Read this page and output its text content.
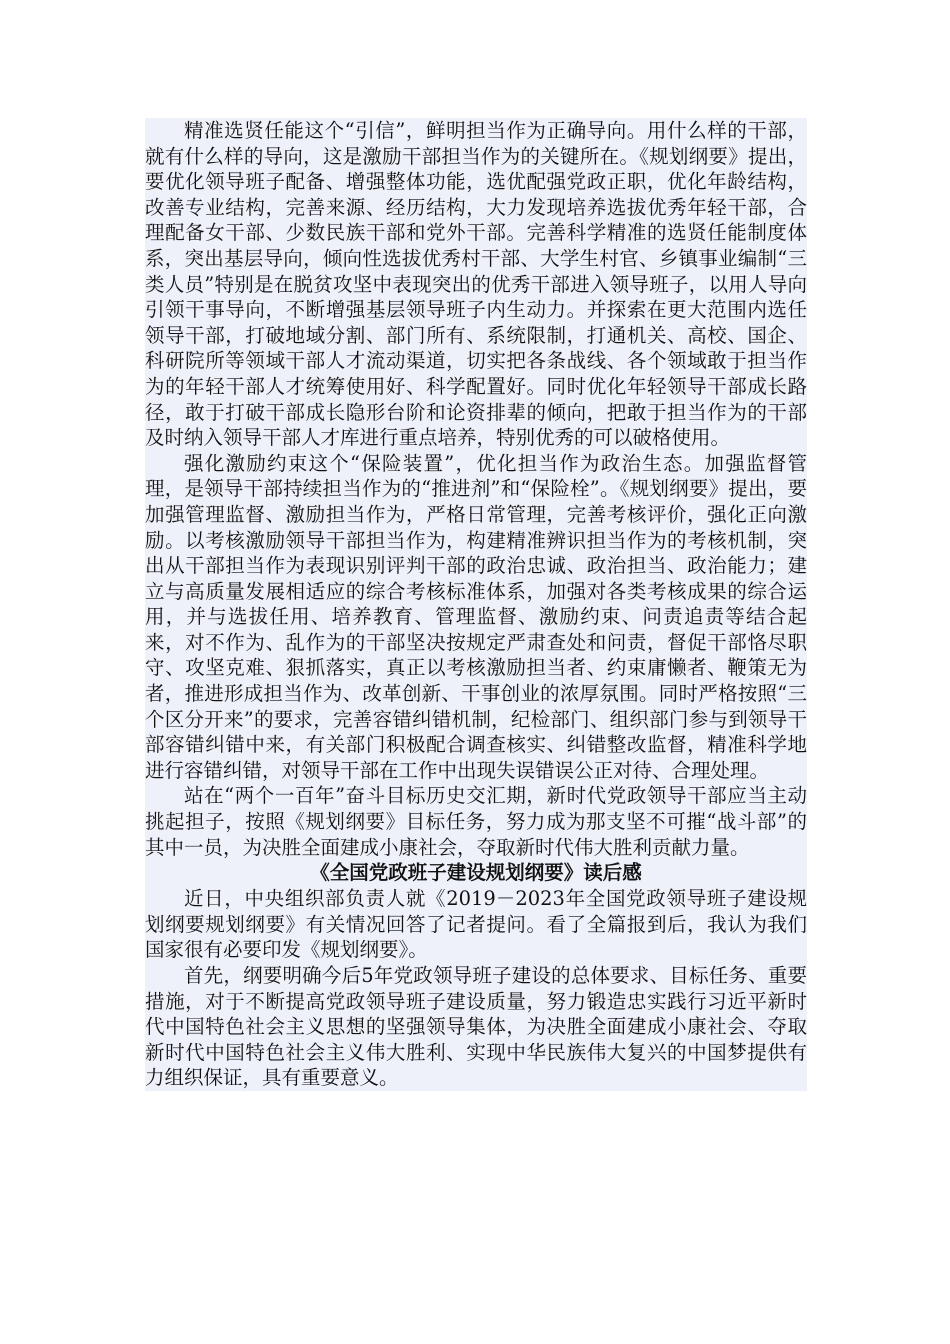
精准选贤任能这个“引信”，鲜明担当作为正确导向。用什么样的干部，就有什么样的导向，这是激励干部担当作为的关键所在。《规划纲要》提出，要优化领导班子配备、增强整体功能，选优配强党政正职，优化年龄结构，改善专业结构，完善来源、经历结构，大力发现培养选拔优秀年轻干部，合理配备女干部、少数民族干部和党外干部。完善科学精准的选贤任能制度体系，突出基层导向，倾向性选拔优秀村干部、大学生村官、乡镇事业编制“三类人员”特别是在脱贫攻坚中表现突出的优秀干部进入领导班子，以用人导向引领干事导向，不断增强基层领导班子内生动力。并探索在更大范围内选任领导干部，打破地域分割、部门所有、系统限制，打通机关、高校、国企、科研院所等领域干部人才流动渠道，切实把各条战线、各个领域敢于担当作为的年轻干部人才统筹使用好、科学配置好。同时优化年轻领导干部成长路径，敢于打破干部成长隐形台阶和论资排辈的倾向，把敢于担当作为的干部及时纳入领导干部人才库进行重点培养，特别优秀的可以破格使用。

强化激励约束这个“保险装置”，优化担当作为政治生态。加强监督管理，是领导干部持续担当作为的“推进剂”和“保险栓”。《规划纲要》提出，要加强管理监督、激励担当作为，严格日常管理，完善考核评价，强化正向激励。以考核激励领导干部担当作为，构建精准辨识担当作为的考核机制，突出从干部担当作为表现识别评判干部的政治忠诚、政治担当、政治能力；建立与高质量发展相适应的综合考核标准体系，加强对各类考核成果的综合运用，并与选拔任用、培养教育、管理监督、激励约束、问责追责等结合起来，对不作为、乱作为的干部坚决按规定严肃查处和问责，督促干部恪尽职守、攻坚克难、狠抓落实，真正以考核激励担当者、约束庸懒者、鞭策无为者，推进形成担当作为、改革创新、干事创业的浓厚氛围。同时严格按照“三个区分开来”的要求，完善容错纠错机制，纪检部门、组织部门参与到领导干部容错纠错中来，有关部门积极配合调查核实、纠错整改监督，精准科学地进行容错纠错，对领导干部在工作中出现失误错误公正对待、合理处理。

站在“两个一百年”奋斗目标历史交汇期，新时代党政领导干部应当主动挑起担子，按照《规划纲要》目标任务，努力成为那支坚不可摧“战斗部”的其中一员，为决胜全面建成小康社会，夺取新时代伟大胜利贡献力量。

《全国党政班子建设规划纲要》读后感

近日，中央组织部负责人就《2019－2023年全国党政领导班子建设规划纲要规划纲要》有关情况回答了记者提问。看了全篇报到后，我认为我们国家很有必要印发《规划纲要》。

首先，纲要明确今后5年党政领导班子建设的总体要求、目标任务、重要措施，对于不断提高党政领导班子建设质量，努力锻造忠实践行习近平新时代中国特色社会主义思想的坚强领导集体，为决胜全面建成小康社会、夺取新时代中国特色社会主义伟大胜利、实现中华民族伟大复兴的中国梦提供有力组织保证，具有重要意义。
